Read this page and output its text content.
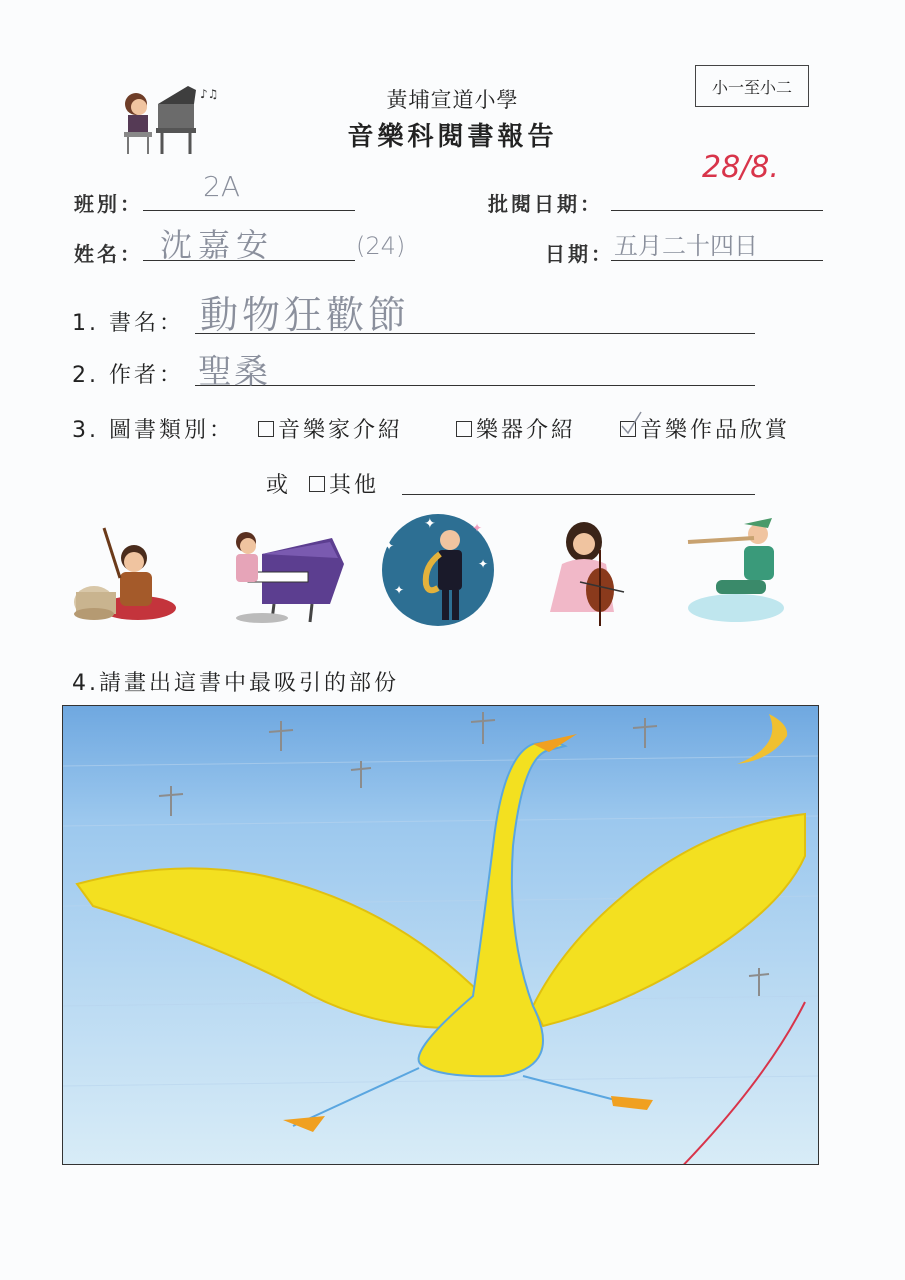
小一至小二
♪♫	黃埔宣道小學
音樂科閱書報告
班別：
2A
批閱日期：
28/8.
姓名： 沈嘉安	(24)	日期： 五月二十四日
1. 書名： 動物狂歡節
2. 作者： 聖桑
3. 圖書類別： 音樂家介紹	樂器介紹	音樂作品欣賞
或 其他
✦	✦
✦
✦
✦
4.請畫出這書中最吸引的部份
